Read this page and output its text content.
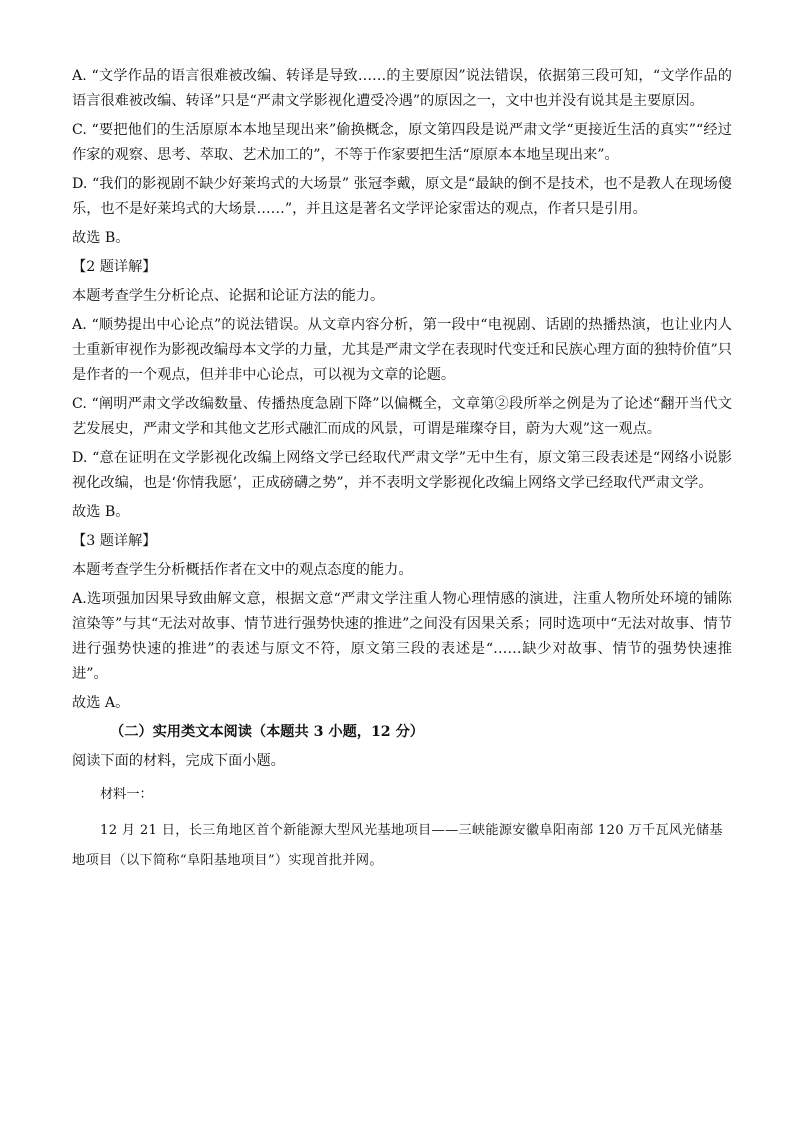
A. “文学作品的语言很难被改编、转译是导致……的主要原因”说法错误，依据第三段可知，“文学作品的语言很难被改编、转译”只是“严肃文学影视化遭受冷遇”的原因之一，文中也并没有说其是主要原因。

C. “要把他们的生活原原本本地呈现出来”偷换概念，原文第四段是说严肃文学“更接近生活的真实”“经过作家的观察、思考、萃取、艺术加工的”，不等于作家要把生活“原原本本地呈现出来”。

D. “我们的影视剧不缺少好莱坞式的大场景” 张冠李戴，原文是“最缺的倒不是技术，也不是教人在现场傻乐，也不是好莱坞式的大场景……”，并且这是著名文学评论家雷达的观点，作者只是引用。

故选 B。

【2 题详解】

本题考查学生分析论点、论据和论证方法的能力。

A. “顺势提出中心论点”的说法错误。从文章内容分析，第一段中“电视剧、话剧的热播热演，也让业内人士重新审视作为影视改编母本文学的力量，尤其是严肃文学在表现时代变迁和民族心理方面的独特价值”只是作者的一个观点，但并非中心论点，可以视为文章的论题。

C. “阐明严肃文学改编数量、传播热度急剧下降”以偏概全，文章第②段所举之例是为了论述“翻开当代文艺发展史，严肃文学和其他文艺形式融汇而成的风景，可谓是璀璨夺目，蔚为大观”这一观点。

D. “意在证明在文学影视化改编上网络文学已经取代严肃文学”无中生有，原文第三段表述是“网络小说影视化改编，也是‘你情我愿’，正成磅礴之势”，并不表明文学影视化改编上网络文学已经取代严肃文学。

故选 B。

【3 题详解】

本题考查学生分析概括作者在文中的观点态度的能力。

A.选项强加因果导致曲解文意，根据文意“严肃文学注重人物心理情感的演进，注重人物所处环境的铺陈渲染等”与其“无法对故事、情节进行强势快速的推进”之间没有因果关系；同时选项中“无法对故事、情节进行强势快速的推进”的表述与原文不符，原文第三段的表述是“……缺少对故事、情节的强势快速推进”。

故选 A。

（二）实用类文本阅读（本题共 3 小题，12 分）

阅读下面的材料，完成下面小题。

材料一：

12 月 21 日，长三角地区首个新能源大型风光基地项目——三峡能源安徽阜阳南部 120 万千瓦风光储基地项目（以下简称“阜阳基地项目”）实现首批并网。
